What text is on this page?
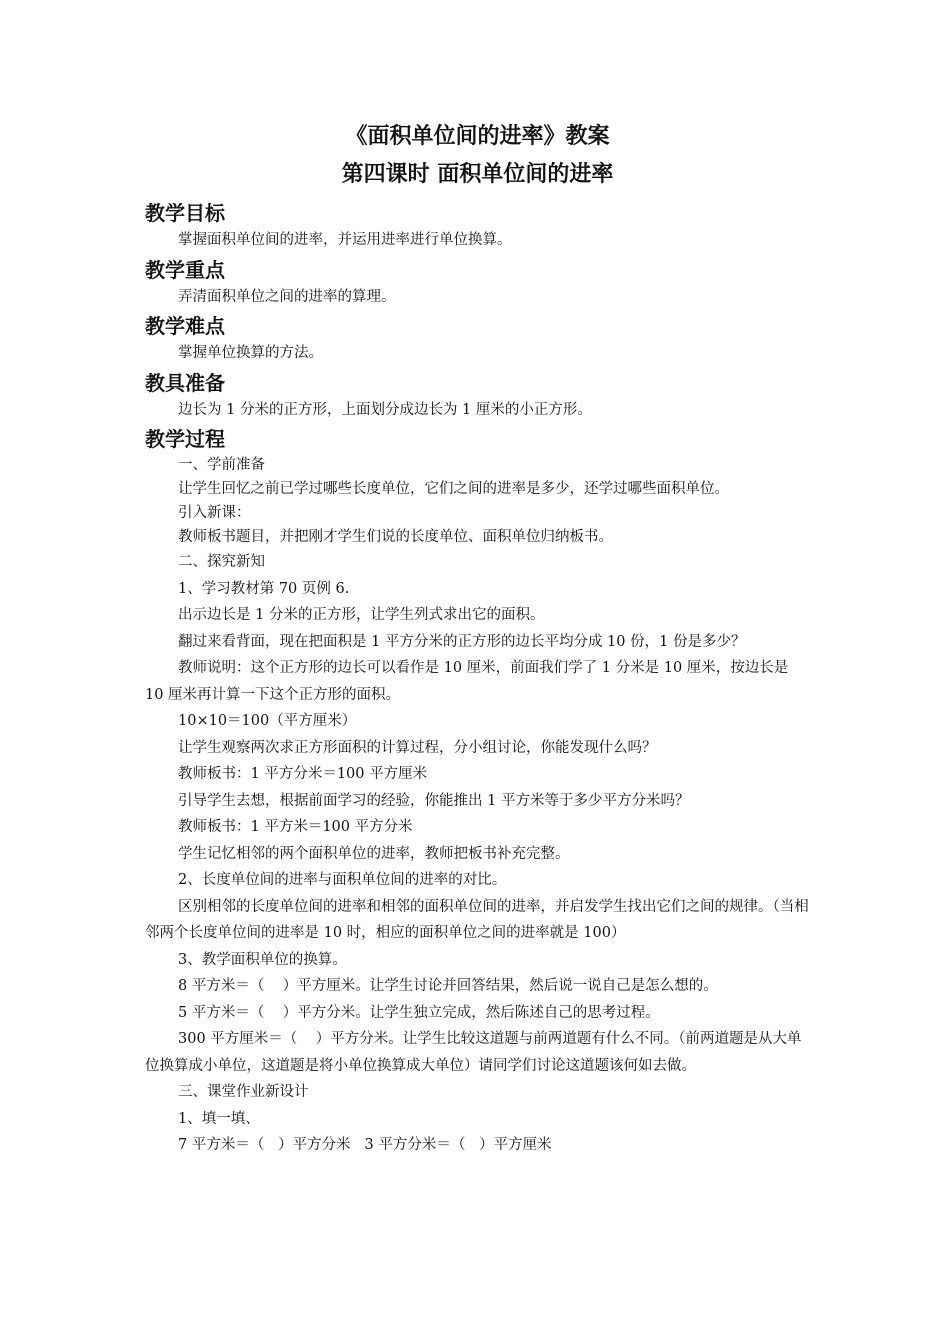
《面积单位间的进率》教案
第四课时 面积单位间的进率
教学目标

掌握面积单位间的进率，并运用进率进行单位换算。

教学重点

弄清面积单位之间的进率的算理。

教学难点

掌握单位换算的方法。

教具准备

边长为 1 分米的正方形，上面划分成边长为 1 厘米的小正方形。

教学过程

一、学前准备

让学生回忆之前已学过哪些长度单位，它们之间的进率是多少，还学过哪些面积单位。

引入新课：

教师板书题目，并把刚才学生们说的长度单位、面积单位归纳板书。

二、探究新知

1、学习教材第 70 页例 6.

出示边长是 1 分米的正方形，让学生列式求出它的面积。

翻过来看背面，现在把面积是 1 平方分米的正方形的边长平均分成 10 份，1 份是多少？

教师说明：这个正方形的边长可以看作是 10 厘米，前面我们学了 1 分米是 10 厘米，按边长是 10 厘米再计算一下这个正方形的面积。

10×10＝100（平方厘米）

让学生观察两次求正方形面积的计算过程，分小组讨论，你能发现什么吗？

教师板书：1 平方分米＝100 平方厘米

引导学生去想，根据前面学习的经验，你能推出 1 平方米等于多少平方分米吗？

教师板书：1 平方米＝100 平方分米

学生记忆相邻的两个面积单位的进率，教师把板书补充完整。

2、长度单位间的进率与面积单位间的进率的对比。

区别相邻的长度单位间的进率和相邻的面积单位间的进率，并启发学生找出它们之间的规律。（当相邻两个长度单位间的进率是 10 时，相应的面积单位之间的进率就是 100）

3、教学面积单位的换算。

8 平方米＝（    ）平方厘米。让学生讨论并回答结果，然后说一说自己是怎么想的。

5 平方米＝（    ）平方分米。让学生独立完成，然后陈述自己的思考过程。

300 平方厘米＝（    ）平方分米。让学生比较这道题与前两道题有什么不同。（前两道题是从大单位换算成小单位，这道题是将小单位换算成大单位）请同学们讨论这道题该何如去做。

三、课堂作业新设计

1、填一填、

7 平方米＝（   ）平方分米   3 平方分米＝（   ）平方厘米
